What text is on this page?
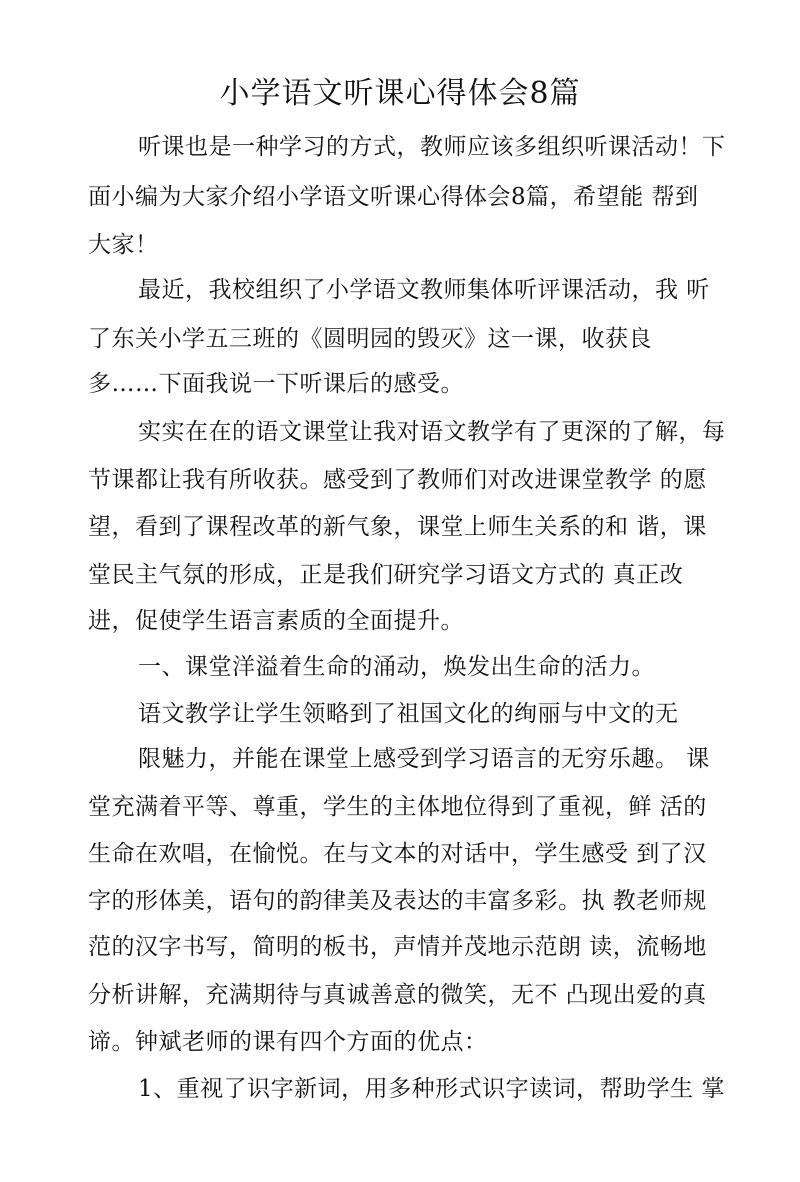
小学语文听课心得体会8篇
听课也是一种学习的方式，教师应该多组织听课活动！下
面小编为大家介绍小学语文听课心得体会8篇，希望能 帮到
大家！
最近，我校组织了小学语文教师集体听评课活动，我 听
了东关小学五三班的《圆明园的毁灭》这一课，收获良
多……下面我说一下听课后的感受。
实实在在的语文课堂让我对语文教学有了更深的了解，每
节课都让我有所收获。感受到了教师们对改进课堂教学 的愿
望，看到了课程改革的新气象，课堂上师生关系的和 谐，课
堂民主气氛的形成，正是我们研究学习语文方式的 真正改
进，促使学生语言素质的全面提升。
一、课堂洋溢着生命的涌动，焕发出生命的活力。
语文教学让学生领略到了祖国文化的绚丽与中文的无
限魅力，并能在课堂上感受到学习语言的无穷乐趣。 课
堂充满着平等、尊重，学生的主体地位得到了重视，鲜 活的
生命在欢唱，在愉悦。在与文本的对话中，学生感受 到了汉
字的形体美，语句的韵律美及表达的丰富多彩。执 教老师规
范的汉字书写，简明的板书，声情并茂地示范朗 读，流畅地
分析讲解，充满期待与真诚善意的微笑，无不 凸现出爱的真
谛。钟斌老师的课有四个方面的优点：
1、重视了识字新词，用多种形式识字读词，帮助学生 掌
